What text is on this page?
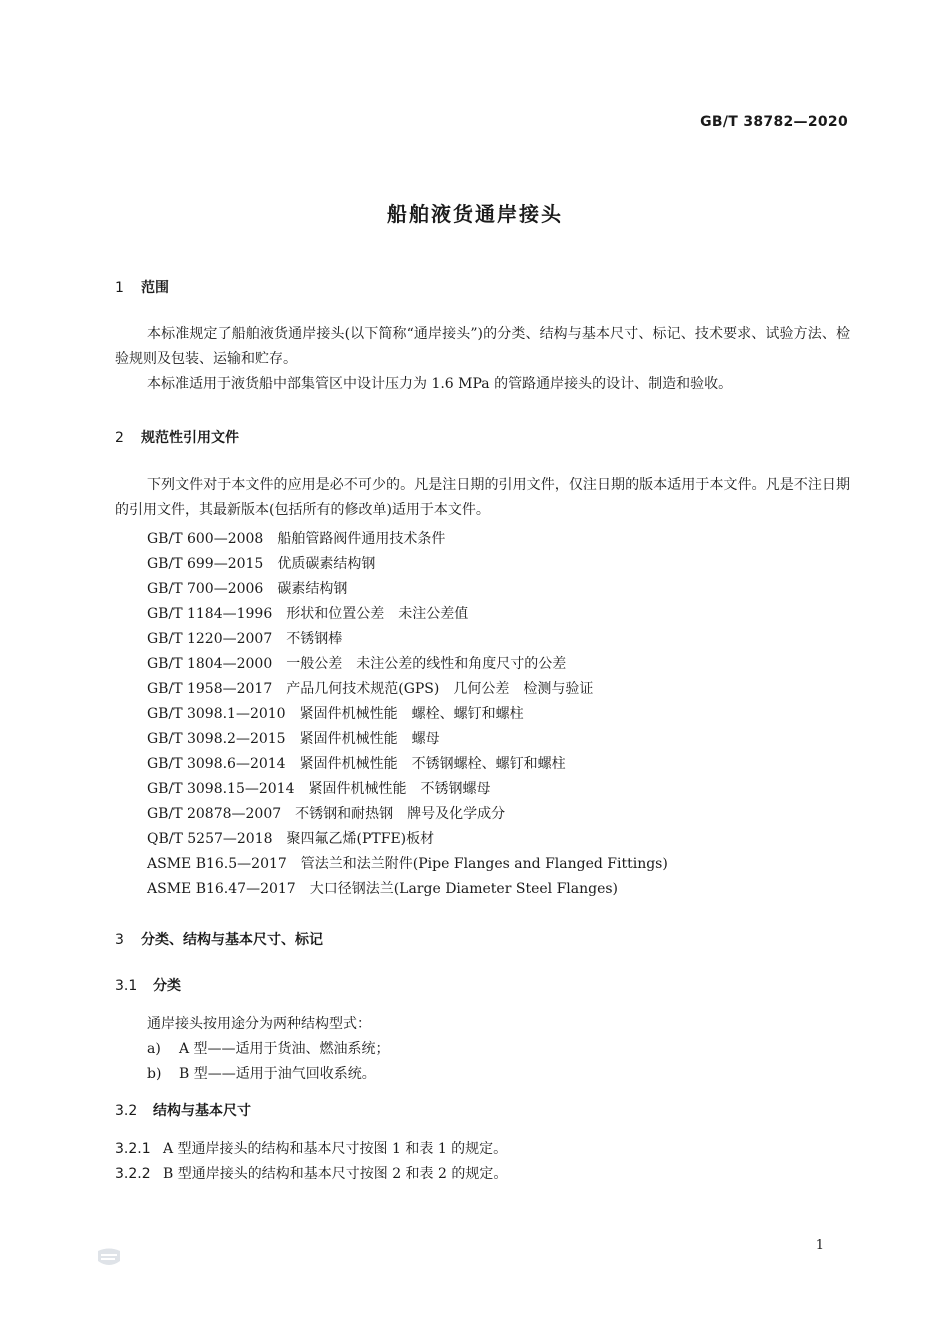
GB/T 38782—2020
船舶液货通岸接头
1 范围
本标准规定了船舶液货通岸接头(以下简称“通岸接头”)的分类、结构与基本尺寸、标记、技术要求、试验方法、检验规则及包装、运输和贮存。
本标准适用于液货船中部集管区中设计压力为 1.6 MPa 的管路通岸接头的设计、制造和验收。
2 规范性引用文件
下列文件对于本文件的应用是必不可少的。凡是注日期的引用文件，仅注日期的版本适用于本文件。凡是不注日期的引用文件，其最新版本(包括所有的修改单)适用于本文件。
GB/T 600—2008 船舶管路阀件通用技术条件
GB/T 699—2015 优质碳素结构钢
GB/T 700—2006 碳素结构钢
GB/T 1184—1996 形状和位置公差　未注公差值
GB/T 1220—2007 不锈钢棒
GB/T 1804—2000 一般公差　未注公差的线性和角度尺寸的公差
GB/T 1958—2017 产品几何技术规范(GPS)　几何公差　检测与验证
GB/T 3098.1—2010 紧固件机械性能　螺栓、螺钉和螺柱
GB/T 3098.2—2015 紧固件机械性能　螺母
GB/T 3098.6—2014 紧固件机械性能　不锈钢螺栓、螺钉和螺柱
GB/T 3098.15—2014 紧固件机械性能　不锈钢螺母
GB/T 20878—2007 不锈钢和耐热钢　牌号及化学成分
QB/T 5257—2018 聚四氟乙烯(PTFE)板材
ASME B16.5—2017 管法兰和法兰附件(Pipe Flanges and Flanged Fittings)
ASME B16.47—2017 大口径钢法兰(Large Diameter Steel Flanges)
3 分类、结构与基本尺寸、标记
3.1 分类
通岸接头按用途分为两种结构型式：
a) A 型——适用于货油、燃油系统；
b) B 型——适用于油气回收系统。
3.2 结构与基本尺寸
3.2.1 A 型通岸接头的结构和基本尺寸按图 1 和表 1 的规定。
3.2.2 B 型通岸接头的结构和基本尺寸按图 2 和表 2 的规定。
1
